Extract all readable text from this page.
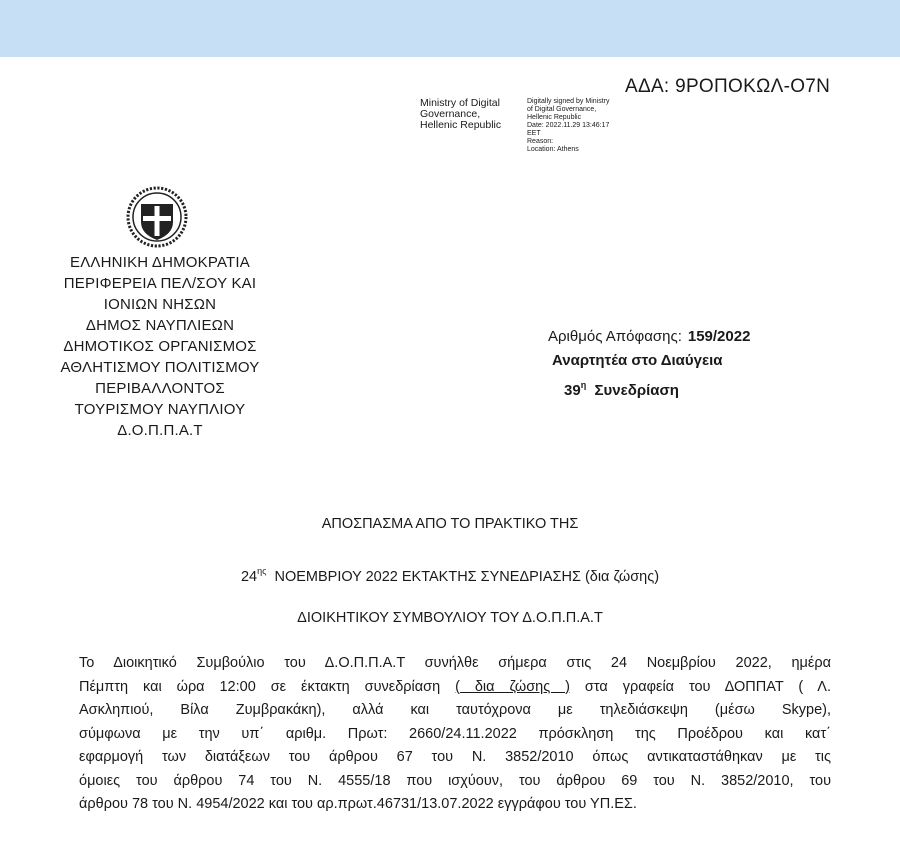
ΑΔΑ: 9ΡΟΠΟΚΩΛ-Ο7Ν
Ministry of Digital
Governance,
Hellenic Republic
Digitally signed by Ministry
of Digital Governance,
Hellenic Republic
Date: 2022.11.29 13:46:17
EET
Reason:
Location: Athens
ΕΛΛΗΝΙΚΗ ΔΗΜΟΚΡΑΤΙΑ
ΠΕΡΙΦΕΡΕΙΑ ΠΕΛ/ΣΟΥ ΚΑΙ
ΙΟΝΙΩΝ ΝΗΣΩΝ
ΔΗΜΟΣ ΝΑΥΠΛΙΕΩΝ
ΔΗΜΟΤΙΚΟΣ ΟΡΓΑΝΙΣΜΟΣ
ΑΘΛΗΤΙΣΜΟΥ ΠΟΛΙΤΙΣΜΟΥ
ΠΕΡΙΒΑΛΛΟΝΤΟΣ
ΤΟΥΡΙΣΜΟΥ ΝΑΥΠΛΙΟΥ
Δ.Ο.Π.Π.Α.Τ
Αριθμός Απόφασης: 159/2022
Αναρτητέα στο Διαύγεια
$39^\eta$ Συνεδρίαση
ΑΠΟΣΠΑΣΜΑ ΑΠΟ ΤΟ ΠΡΑΚΤΙΚΟ ΤΗΣ
$24^{\eta\varsigma}$ ΝΟΕΜΒΡΙΟΥ 2022 ΕΚΤΑΚΤΗΣ ΣΥΝΕΔΡΙΑΣΗΣ (δια ζώσης)
ΔΙΟΙΚΗΤΙΚΟΥ ΣΥΜΒΟΥΛΙΟΥ ΤΟΥ Δ.Ο.Π.Π.Α.Τ
Το Διοικητικό Συμβούλιο του Δ.Ο.Π.Π.Α.Τ συνήλθε σήμερα στις 24 Νοεμβρίου 2022, ημέρα
Πέμπτη και ώρα 12:00 σε έκτακτη συνεδρίαση ( δια ζώσης ) στα γραφεία του ΔΟΠΠΑΤ ( Λ.
Ασκληπιού, Βίλα Ζυμβρακάκη), αλλά και ταυτόχρονα με τηλεδιάσκεψη (μέσω Skype),
σύμφωνα με την υπ΄ αριθμ. Πρωτ: 2660/24.11.2022 πρόσκληση της Προέδρου και κατ΄
εφαρμογή των διατάξεων του άρθρου 67 του Ν. 3852/2010 όπως αντικαταστάθηκαν με τις
όμοιες του άρθρου 74 του Ν. 4555/18 που ισχύουν, του άρθρου 69 του Ν. 3852/2010, του
άρθρου 78 του Ν. 4954/2022 και του αρ.πρωτ.46731/13.07.2022 εγγράφου του ΥΠ.ΕΣ.
